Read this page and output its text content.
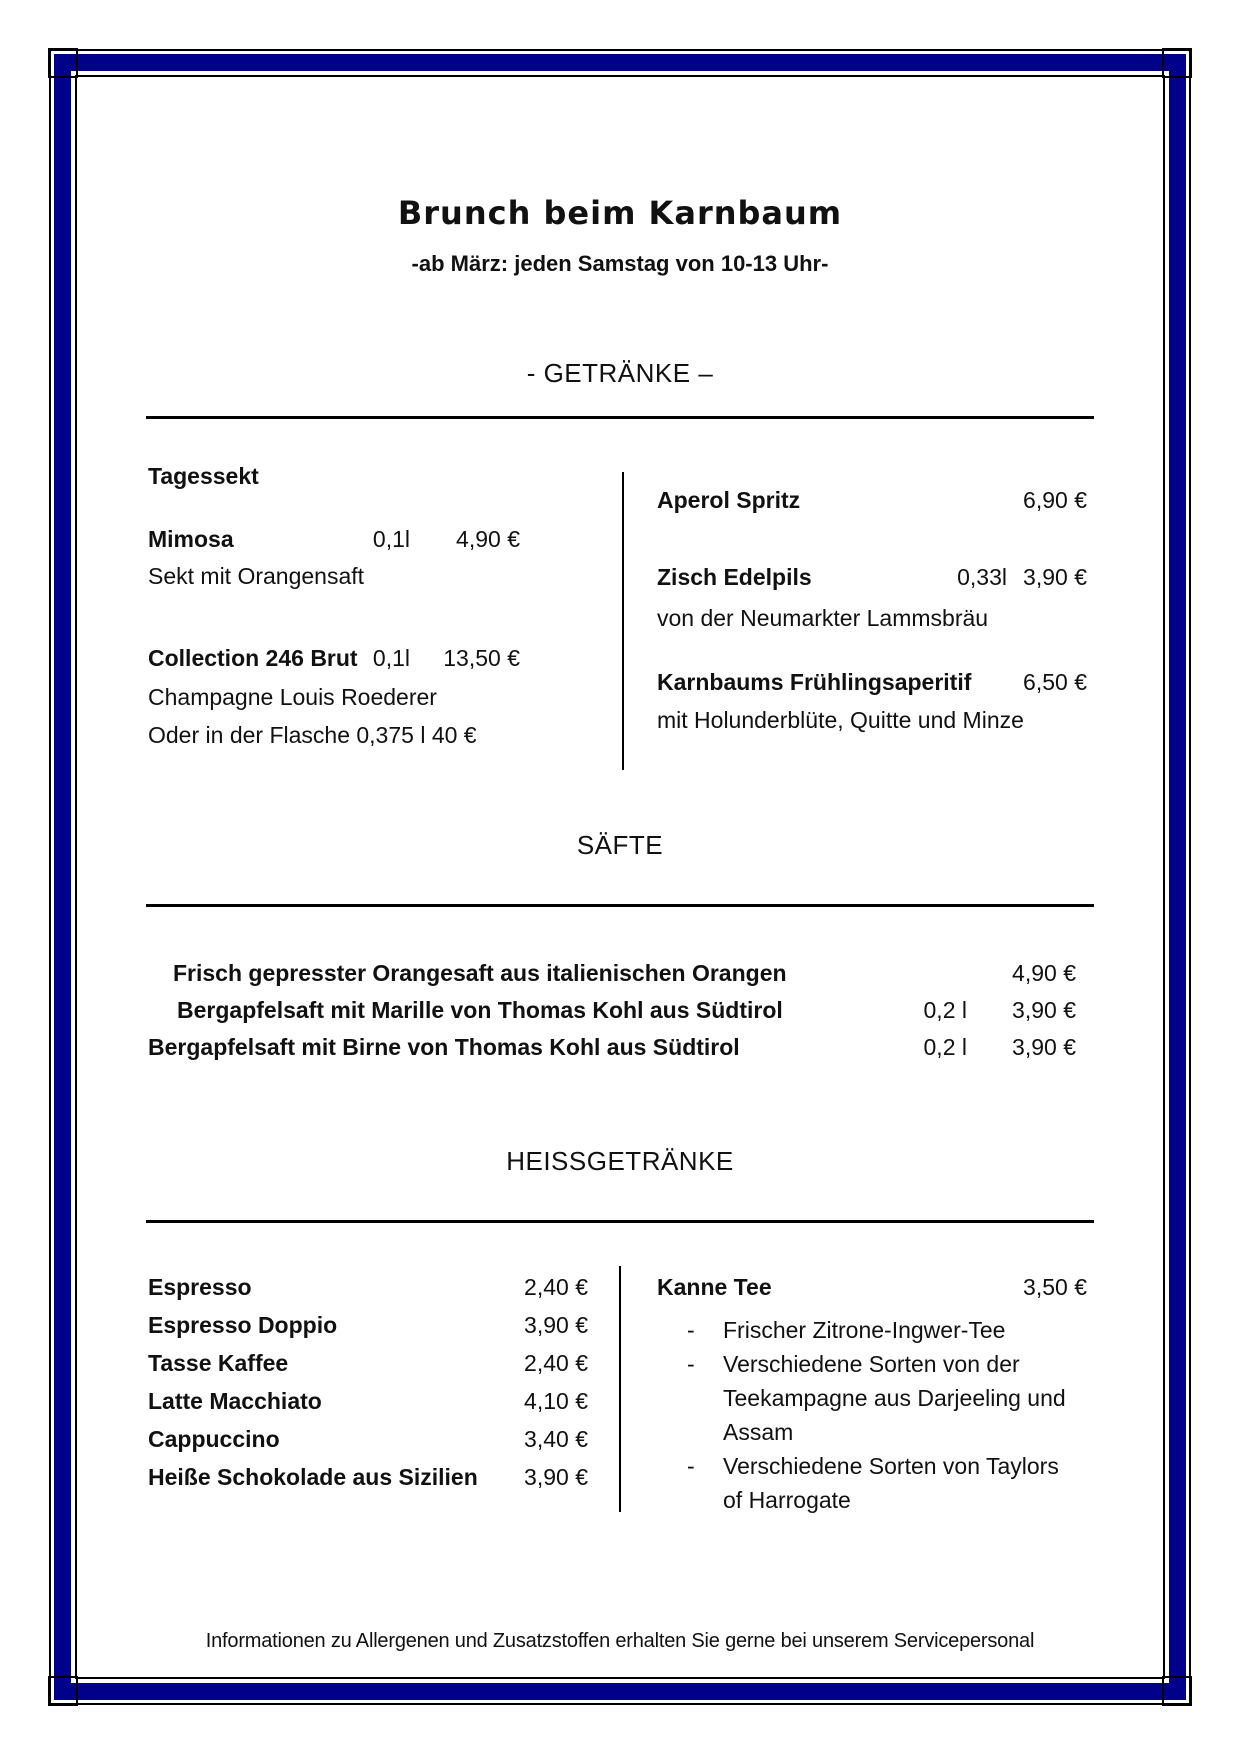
Brunch beim Karnbaum
-ab März: jeden Samstag von 10-13 Uhr-
- GETRÄNKE –
Tagessekt
Mimosa	0,1l	4,90 €
Sekt mit Orangensaft
Collection 246 Brut 0,1l	13,50 €
Champagne Louis Roederer
Oder in der Flasche 0,375 l 40 €
Aperol Spritz	6,90 €
Zisch Edelpils	0,33l 3,90 €
von der Neumarkter Lammsbräu
Karnbaums Frühlingsaperitif	6,50 €
mit Holunderblüte, Quitte und Minze
SÄFTE
Frisch gepresster Orangesaft aus italienischen Orangen	4,90 €
Bergapfelsaft mit Marille von Thomas Kohl aus Südtirol	0,2 l	3,90 €
Bergapfelsaft mit Birne von Thomas Kohl aus Südtirol	0,2 l	3,90 €
HEISSGETRÄNKE
Espresso	2,40 €
Espresso Doppio	3,90 €
Tasse Kaffee	2,40 €
Latte Macchiato	4,10 €
Cappuccino	3,40 €
Heiße Schokolade aus Sizilien	3,90 €
Kanne Tee	3,50 €
-	Frischer Zitrone-Ingwer-Tee
-	Verschiedene Sorten von der Teekampagne aus Darjeeling und Assam
-	Verschiedene Sorten von Taylors of Harrogate
Informationen zu Allergenen und Zusatzstoffen erhalten Sie gerne bei unserem Servicepersonal
